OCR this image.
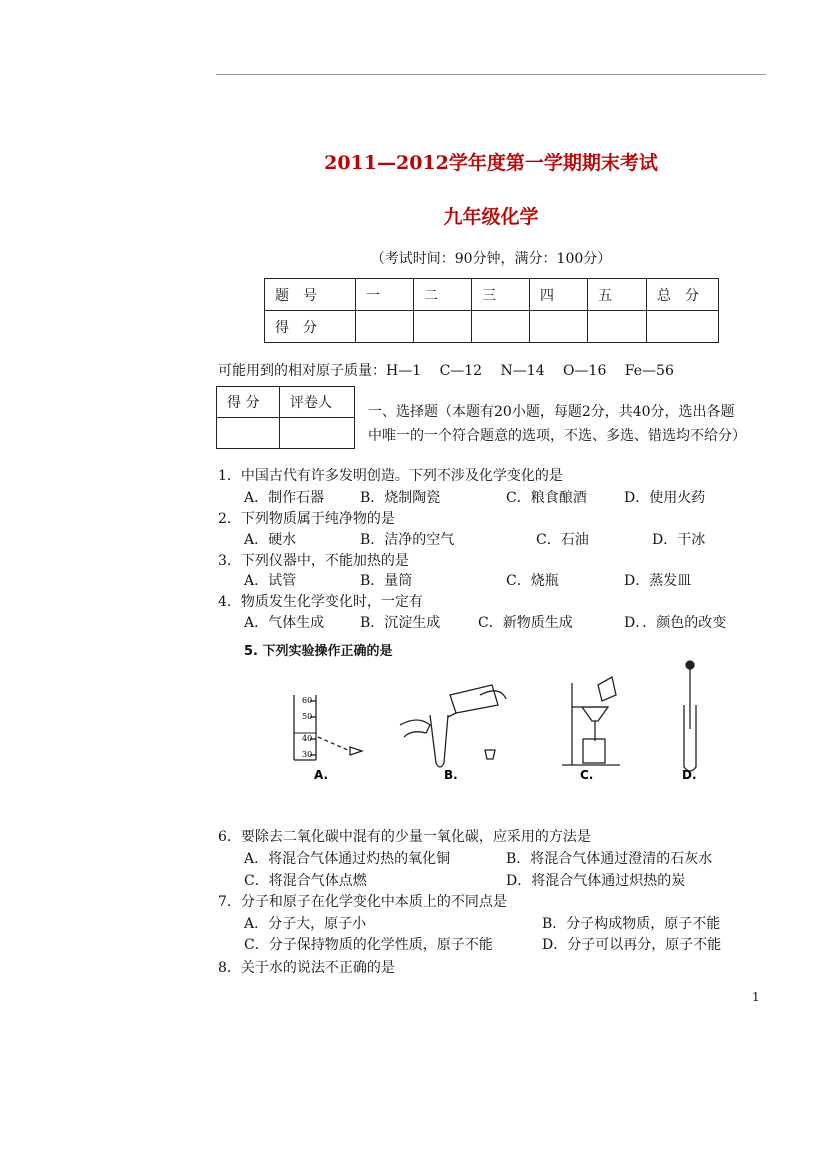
2011—2012学年度第一学期期末考试
九年级化学
（考试时间：90分钟，满分：100分）
题　号	一	二	三	四	五	总　分
得　分						
可能用到的相对原子质量：H—1　 C—12　 N—14　 O—16　 Fe—56
得 分	评卷人

一、选择题（本题有20小题，每题2分，共40分，选出各题
中唯一的一个符合题意的选项，不选、多选、错选均不给分）
1．中国古代有许多发明创造。下列不涉及化学变化的是
A．制作石器	B．烧制陶瓷	C．粮食酿酒	D．使用火药
2．下列物质属于纯净物的是
A．硬水	B．洁净的空气	C．石油	D．干冰
3．下列仪器中，不能加热的是
A．试管	B．量筒	C．烧瓶	D．蒸发皿
4．物质发生化学变化时，一定有
A．气体生成	B．沉淀生成	C．新物质生成	D．．颜色的改变
5. 下列实验操作正确的是
60
50
40
30
A.	B.	C.	D.
6．要除去二氧化碳中混有的少量一氧化碳，应采用的方法是
A．将混合气体通过灼热的氧化铜	B．将混合气体通过澄清的石灰水
C．将混合气体点燃	D．将混合气体通过炽热的炭
7．分子和原子在化学变化中本质上的不同点是
A．分子大，原子小	B．分子构成物质，原子不能
C．分子保持物质的化学性质，原子不能	D．分子可以再分，原子不能
8．关于水的说法不正确的是
1
